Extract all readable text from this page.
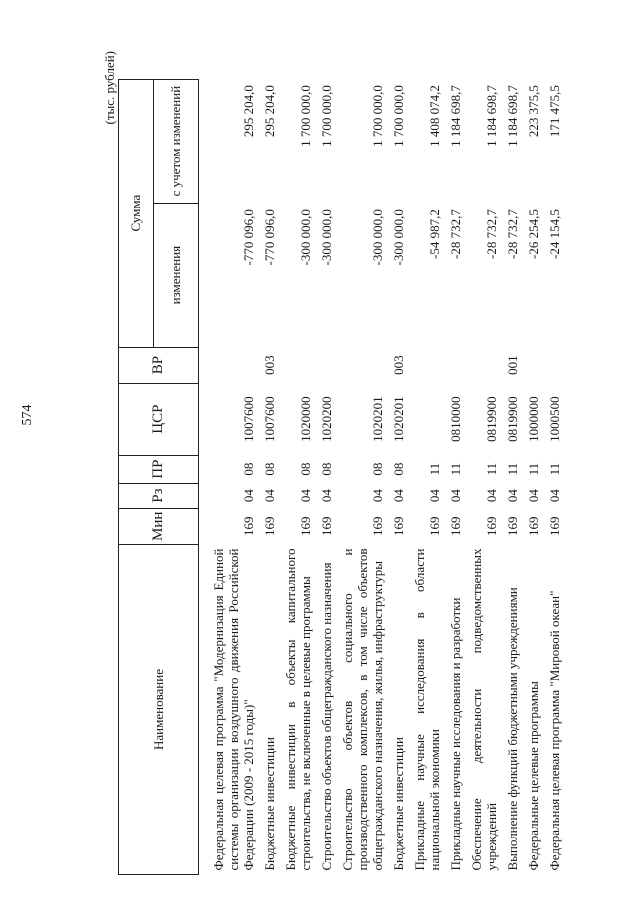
574
(тыс. рублей)
Наименование	Мин	Рз	ПР	ЦСР	ВР	Сумма	
						изменения	с учетом изменений

Федеральная целевая программа "Модернизация Единой системы организации воздушного движения Российской Федерации (2009 - 2015 годы)"	169	04	08	1007600		-770 096,0	295 204,0
Бюджетные инвестиции	169	04	08	1007600	003	-770 096,0	295 204,0
Бюджетные инвестиции в объекты капитального строительства, не включенные в целевые программы	169	04	08	1020000		-300 000,0	1 700 000,0
Строительство объектов общегражданского назначения	169	04	08	1020200		-300 000,0	1 700 000,0
Строительство объектов социального и производственного комплексов, в том числе объектов общегражданского назначения, жилья, инфраструктуры	169	04	08	1020201		-300 000,0	1 700 000,0
Бюджетные инвестиции	169	04	08	1020201	003	-300 000,0	1 700 000,0
Прикладные научные исследования в области национальной экономики	169	04	11			-54 987,2	1 408 074,2
Прикладные научные исследования и разработки	169	04	11	0810000		-28 732,7	1 184 698,7
Обеспечение деятельности подведомственных учреждений	169	04	11	0819900		-28 732,7	1 184 698,7
Выполнение функций бюджетными учреждениями	169	04	11	0819900	001	-28 732,7	1 184 698,7
Федеральные целевые программы	169	04	11	1000000		-26 254,5	223 375,5
Федеральная целевая программа "Мировой океан"	169	04	11	1000500		-24 154,5	171 475,5
